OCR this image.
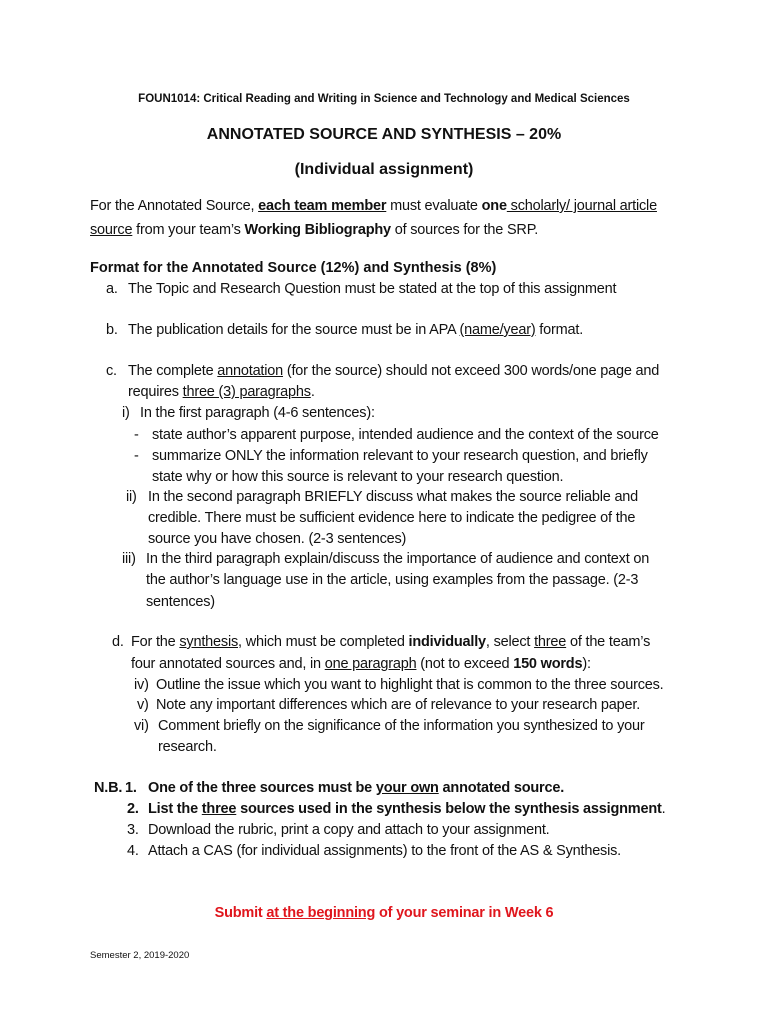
FOUN1014: Critical Reading and Writing in Science and Technology and Medical Sciences
ANNOTATED SOURCE AND SYNTHESIS – 20%
(Individual assignment)
For the Annotated Source, each team member must evaluate one scholarly/ journal article
source from your team’s Working Bibliography of sources for the SRP.
Format for the Annotated Source (12%) and Synthesis (8%)
a. The Topic and Research Question must be stated at the top of this assignment
b. The publication details for the source must be in APA (name/year) format.
c. The complete annotation (for the source) should not exceed 300 words/one page and
requires three (3) paragraphs.
i) In the first paragraph (4-6 sentences):
- state author’s apparent purpose, intended audience and the context of the source
- summarize ONLY the information relevant to your research question, and briefly
state why or how this source is relevant to your research question.
ii) In the second paragraph BRIEFLY discuss what makes the source reliable and
credible. There must be sufficient evidence here to indicate the pedigree of the
source you have chosen. (2-3 sentences)
iii) In the third paragraph explain/discuss the importance of audience and context on
the author’s language use in the article, using examples from the passage. (2-3
sentences)
d. For the synthesis, which must be completed individually, select three of the team’s
four annotated sources and, in one paragraph (not to exceed 150 words):
iv) Outline the issue which you want to highlight that is common to the three sources.
v) Note any important differences which are of relevance to your research paper.
vi) Comment briefly on the significance of the information you synthesized to your
research.
N.B. 1. One of the three sources must be your own annotated source.
2. List the three sources used in the synthesis below the synthesis assignment.
3. Download the rubric, print a copy and attach to your assignment.
4. Attach a CAS (for individual assignments) to the front of the AS & Synthesis.
Submit at the beginning of your seminar in Week 6
Semester 2, 2019-2020
